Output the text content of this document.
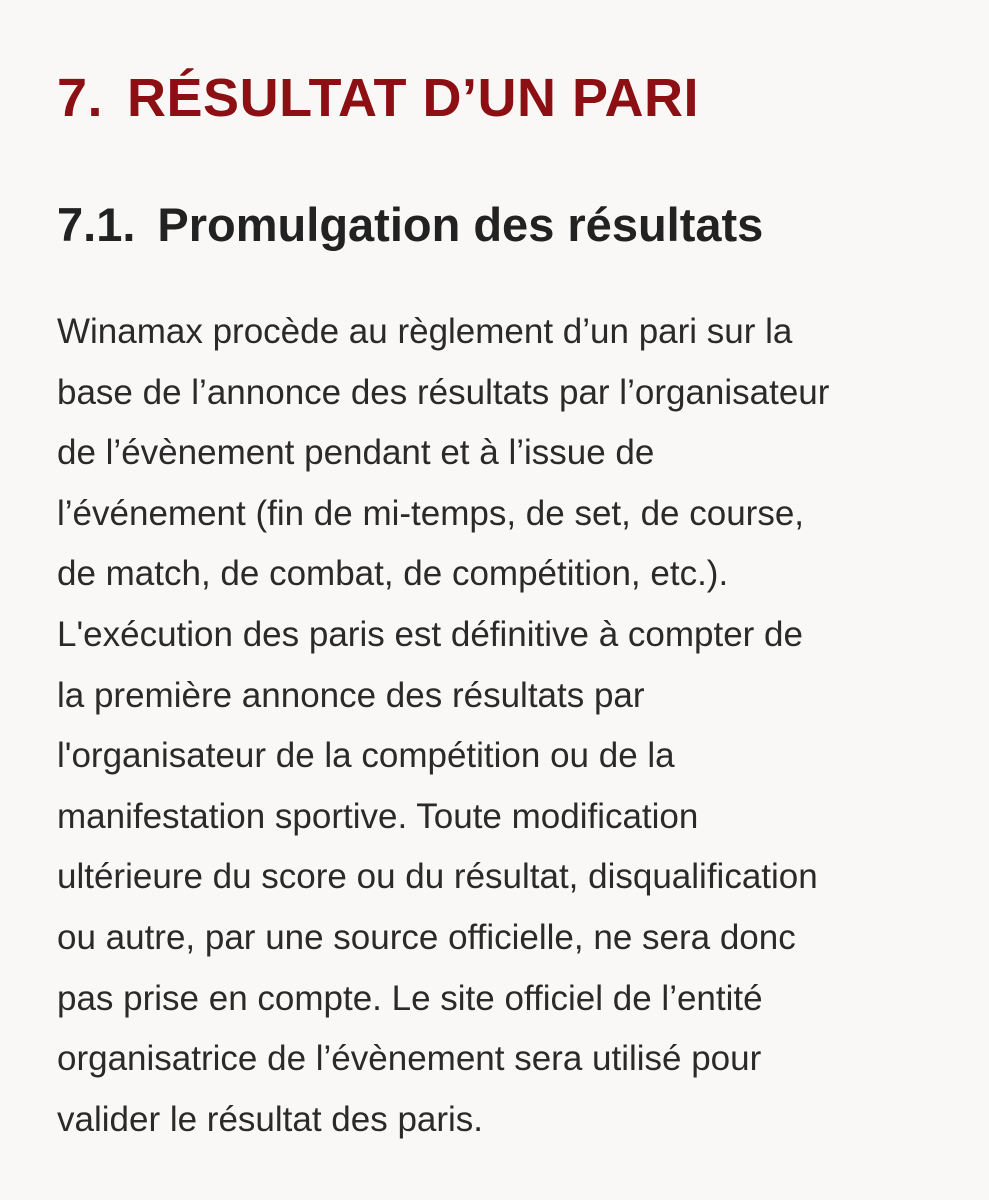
7. RÉSULTAT D’UN PARI
7.1. Promulgation des résultats
Winamax procède au règlement d’un pari sur la
base de l’annonce des résultats par l’organisateur
de l’évènement pendant et à l’issue de
l’événement (fin de mi-temps, de set, de course,
de match, de combat, de compétition, etc.).
L'exécution des paris est définitive à compter de
la première annonce des résultats par
l'organisateur de la compétition ou de la
manifestation sportive. Toute modification
ultérieure du score ou du résultat, disqualification
ou autre, par une source officielle, ne sera donc
pas prise en compte. Le site officiel de l’entité
organisatrice de l’évènement sera utilisé pour
valider le résultat des paris.
